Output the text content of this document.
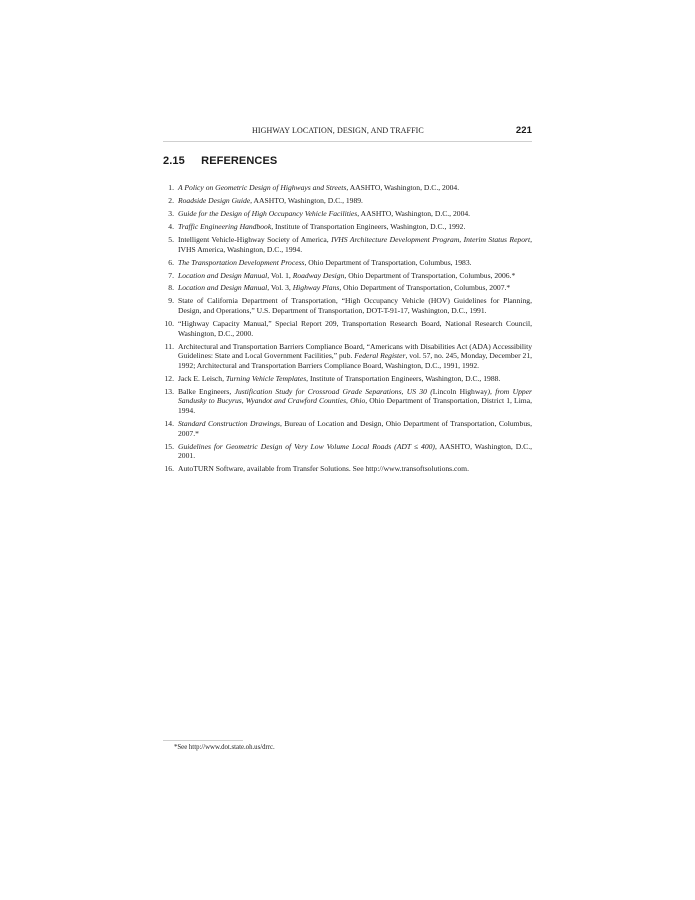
HIGHWAY LOCATION, DESIGN, AND TRAFFIC	221
2.15 REFERENCES
1. A Policy on Geometric Design of Highways and Streets, AASHTO, Washington, D.C., 2004.
2. Roadside Design Guide, AASHTO, Washington, D.C., 1989.
3. Guide for the Design of High Occupancy Vehicle Facilities, AASHTO, Washington, D.C., 2004.
4. Traffic Engineering Handbook, Institute of Transportation Engineers, Washington, D.C., 1992.
5. Intelligent Vehicle-Highway Society of America, IVHS Architecture Development Program, Interim Status Report, IVHS America, Washington, D.C., 1994.
6. The Transportation Development Process, Ohio Department of Transportation, Columbus, 1983.
7. Location and Design Manual, Vol. 1, Roadway Design, Ohio Department of Transportation, Columbus, 2006.*
8. Location and Design Manual, Vol. 3, Highway Plans, Ohio Department of Transportation, Columbus, 2007.*
9. State of California Department of Transportation, “High Occupancy Vehicle (HOV) Guidelines for Planning, Design, and Operations,” U.S. Department of Transportation, DOT-T-91-17, Washington, D.C., 1991.
10. “Highway Capacity Manual,” Special Report 209, Transportation Research Board, National Research Council, Washington, D.C., 2000.
11. Architectural and Transportation Barriers Compliance Board, “Americans with Disabilities Act (ADA) Accessibility Guidelines: State and Local Government Facilities,” pub. Federal Register, vol. 57, no. 245, Monday, December 21, 1992; Architectural and Transportation Barriers Compliance Board, Washington, D.C., 1991, 1992.
12. Jack E. Leisch, Turning Vehicle Templates, Institute of Transportation Engineers, Washington, D.C., 1988.
13. Balke Engineers, Justification Study for Crossroad Grade Separations, US 30 (Lincoln Highway), from Upper Sandusky to Bucyrus, Wyandot and Crawford Counties, Ohio, Ohio Department of Transportation, District 1, Lima, 1994.
14. Standard Construction Drawings, Bureau of Location and Design, Ohio Department of Transportation, Columbus, 2007.*
15. Guidelines for Geometric Design of Very Low Volume Local Roads (ADT ≤ 400), AASHTO, Washington, D.C., 2001.
16. AutoTURN Software, available from Transfer Solutions. See http://www.transoftsolutions.com.
*See http://www.dot.state.oh.us/drrc.
